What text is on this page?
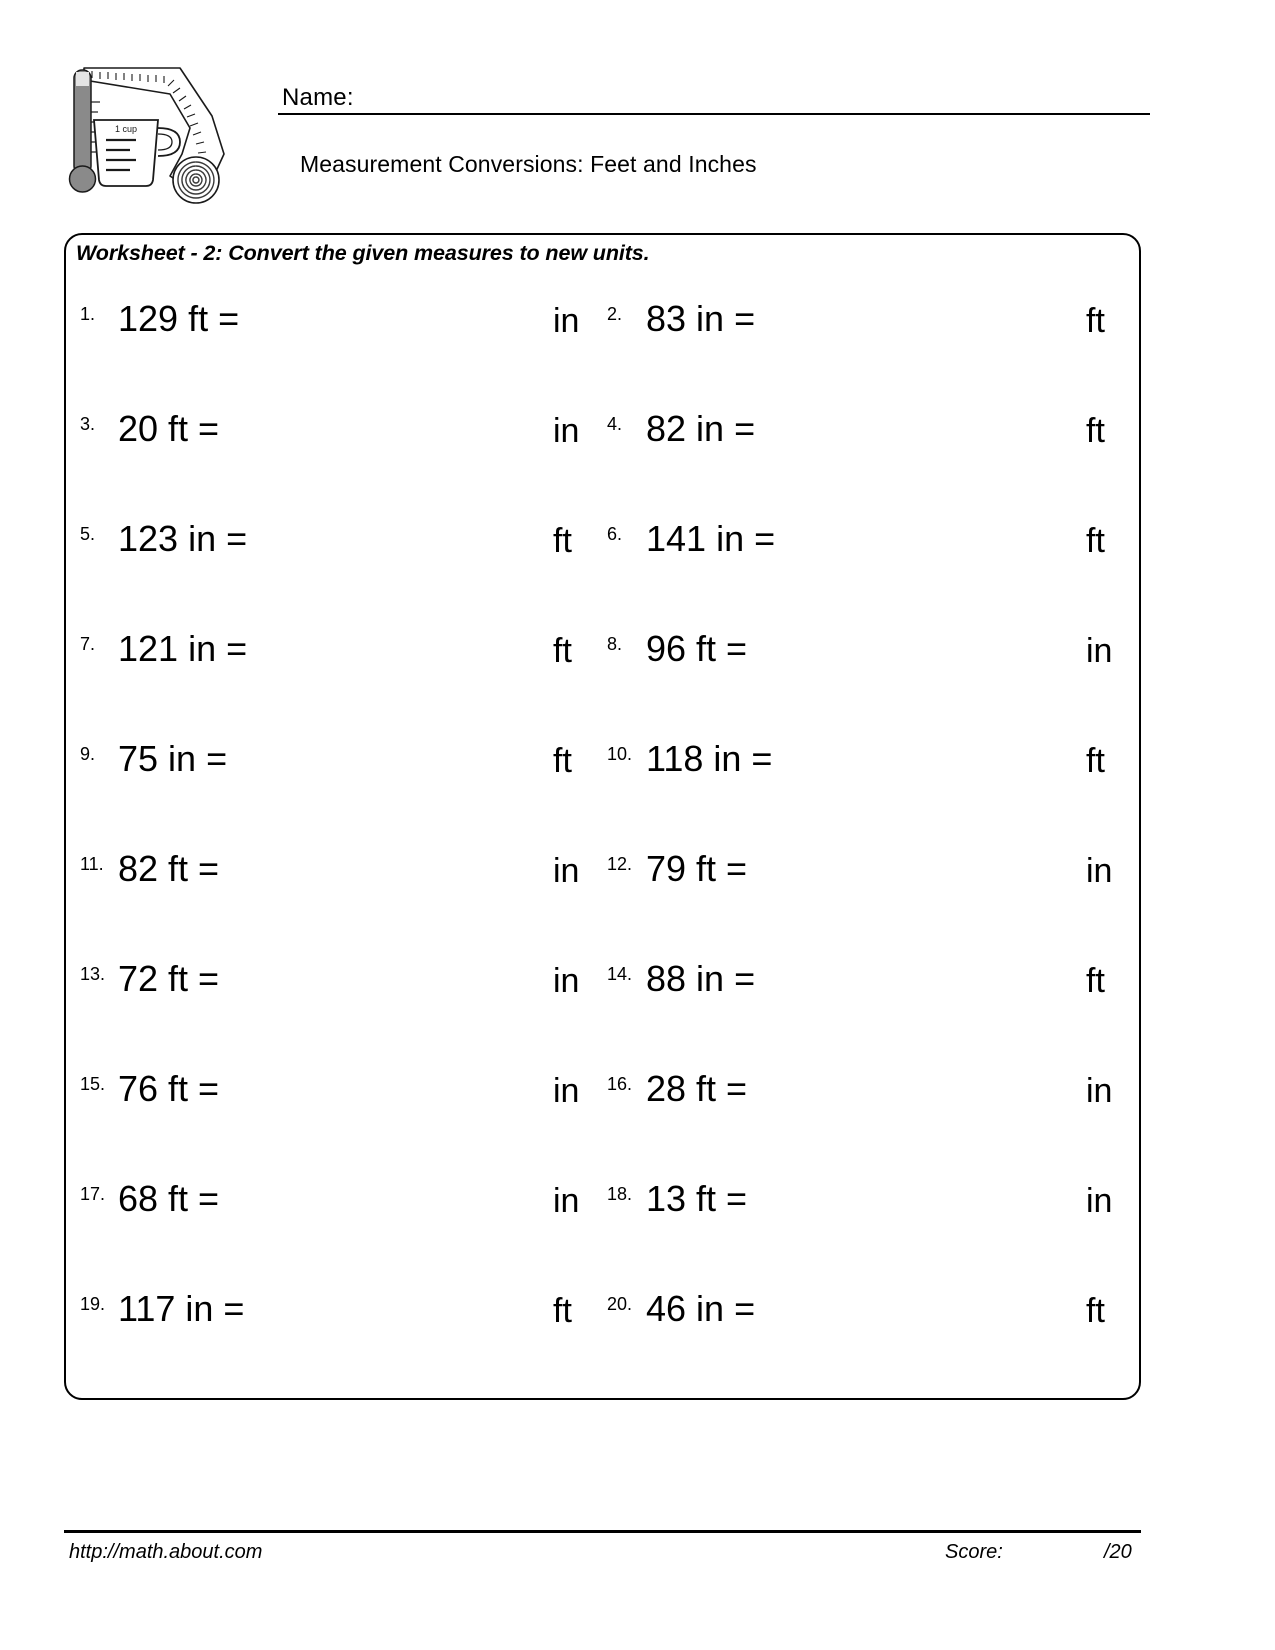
1 cup
Name:
Measurement Conversions: Feet and Inches
Worksheet - 2: Convert the given measures to new units.
1. 129 ft =	in 2. 83 in =	ft
3. 20 ft =	in 4. 82 in =	ft
5. 123 in =	ft 6. 141 in =	ft
7. 121 in =	ft 8. 96 ft =	in
9. 75 in =	ft 10. 118 in =	ft
11. 82 ft =	in 12. 79 ft =	in
13. 72 ft =	in 14. 88 in =	ft
15. 76 ft =	in 16. 28 ft =	in
17. 68 ft =	in 18. 13 ft =	in
19. 117 in =	ft 20. 46 in =	ft
http://math.about.com	Score:	/20
